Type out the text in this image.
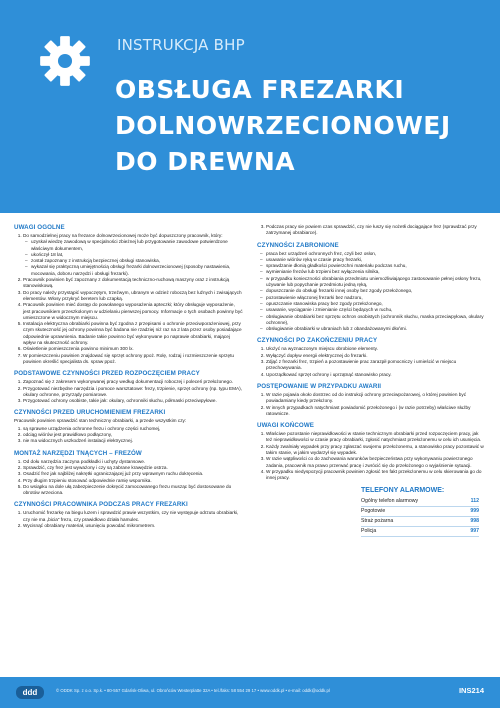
INSTRUKCJA BHP
OBSŁUGA FREZARKI
DOLNOWRZECIONOWEJ
DO DREWNA
UWAGI OGÓLNE
1. Do samodzielnej pracy na frezarce dolnowrzecionowej może być dopuszczony pracownik, który:
– uzyskał wiedzę zawodową w specjalności zbieżnej lub przygotowanie zawodowe potwierdzone właściwym dokumentem,
– ukończył 18 lat,
– został zapoznany z instrukcją bezpiecznej obsługi stanowiska,
– wykazał się praktyczną umiejętnością obsługi frezarki dolnowrzecionowej (sposoby nastawienia, mocowania, doboru narzędzi i obsługi frezarki).
2. Pracownik powinien być zapoznany z dokumentacją techniczno-ruchową maszyny oraz z instrukcją stanowiskową.
3. Do pracy należy przystąpić wypoczętym, trzeźwym, ubranym w odzież roboczą bez luźnych i zwisających elementów. Włosy przykryć beretem lub czapką.
4. Pracownik powinien mieć dostęp do powołanego wyposażenia apteczki; który obsługuje wyposażenie, jest pracownikiem przeszkolonym w udzielaniu pierwszej pomocy. Informacje o tych osobach powinny być umieszczone w widocznym miejscu.
5. Instalacja elektryczna obrabiarki powinna być zgodna z przepisami o ochronie przeciwporażeniowej, przy czym skuteczność jej ochrony powinna być badana nie rzadziej niż raz na 2 lata przez osoby posiadające odpowiednie uprawnienia. Badanie takie powinno być wykonywane po naprawie obrabiarki, mającej wpływ na skuteczność ochrony.
6. Oświetlenie pomieszczenia powinno minimum 300 lx.
7. W pomieszczeniu powinien znajdować się sprzęt ochrony ppoż. Rolę, rodzaj i rozmieszczenie sprzętu powinien określić specjalista ds. spraw ppoż.
PODSTAWOWE CZYNNOŚCI PRZED ROZPOCZĘCIEM PRACY
1. Zapoznać się z zakresem wykonywanej pracy według dokumentacji roboczej i poleceń przełożonego.
2. Przygotować niezbędne narzędzia i pomoce warsztatowe: frezy, trzpienie, sprzęt ochrony (np. typu EMA), okulary ochronne, przyrządy pomiarowe.
3. Przygotować ochrony osobiste, takie jak: okulary, ochronniki słuchu, półmaski przeciwpyłowe.
CZYNNOŚCI PRZED URUCHOMIENIEM FREZARKI
Pracownik powinien sprawdzić stan techniczny obrabiarki, a przede wszystkim czy:
1. są sprawne urządzenia ochronne frezu i ochrony części ruchomej,
2. odciąg wiórów jest prawidłowo podłączony,
3. nie ma widocznych uszkodzeń instalacji elektrycznej.
MONTAŻ NARZĘDZI TNĄCYCH – FREZÓW
1. Od dołu narzędzia zaczyna podkładki i uchyty dystansowe.
2. Sprawdzić, czy frez jest wyważony i czy są zabrane krawędzie ostrza.
3. Osadzić frez jak najbliżej nakrętki ograniczającej już przy wprawnym ruchu dokręcenia.
4. Przy długim trzpieniu stosować odpowiednie ramię wspornika.
5. Do wsiąpku na dole ułą zabezpieczenie dokręcić zamocowanego frezu musząc być dostosowane do obrotów wrzeciona.
CZYNNOŚCI PRACOWNIKA PODCZAS PRACY FREZARKI
1. Uruchomić frezarkę na biegu luzem i sprawdzić prawie wszystkim, czy nie występuje odrzutu obrabiarki, czy nie ma „bicia” frezu, czy prawidłowo działa hamulec.
2. Wycisnąć obrabiany materiał, usunięciu powodać mikrometrem.
3. Podczas pracy sie powiem czas sprawdzić, czy nie łuszy się nożetłi dociągające frez (sprawdzać przy zatrzymanej obrabiarce).
CZYNNOŚCI ZABRONIONE
– praca bez urządzeń ochronnych frez, czyli bez osłon,
– usuwanie wiórów ręką w czasie pracy frezarki,
– sprawdzanie dłonią gładkości powierzchni materiału podczas ruchu,
– wymienianie frezów lub trzpieni bez wyłączenia silnika,
– w przypadku konieczności obrabiania przedmiotu uniemożliwiającego zastosowanie pełnej osłony frezu, używanie lub popychanie przedmiotu jedną ręką,
– dopuszczanie do obsługi frezarki innej osoby bez zgody przełożonego,
– pozostawienie włączonej frezarki bez nadzoru,
– opuszczanie stanowiska pracy bez zgody przełożonego,
– usuwanie, wyciąganie i zmienianie części będących w ruchu,
– obsługiwanie obrabiarki bez sprzętu ochron osobistych (ochronnik słuchu, maska przeciwpyłowa, okulary ochronne),
– obsługiwanie obrabiarki w ubraniach lub z obandażowanymi dłońmi.
CZYNNOŚCI PO ZAKOŃCZENIU PRACY
1. Ułożyć na wyznaczonym miejscu obrobione elementy.
2. Wyłączyć dopływ energii elektrycznej do frezarki.
3. Zdjąć z frezarki frez, trzpień a pozostawienie prac zarazpił pomocniczy i umieścić w miejscu przechowywania.
4. Uporządkować sprzęt ochrony i uprzątnąć stanowisko pracy.
POSTĘPOWANIE W PRZYPADKU AWARII
1. W razie pojawia około dostrzec od do instrukcji ochrony przeciwpożarowej, o której powinien być powiadamiany kiedy przełożony.
2. W innych przypadkach natychmiast powiadomić przełożonego i (w razie potrzeby) właściwe służby ratownicze.
UWAGI KOŃCOWE
1. Właściwe pozostanie nieprawidłowości w stanie technicznym obrabiarki przed rozpoczęciem pracy, jak też nieprawidłowości w czasie pracy obrabiarki, zgłosić natychmiast przełożonemu w celu ich usunięcia.
2. Każdy zwalniały wypadek przy pracy zgłaszać swojemu przełożonemu, a stanowisko pracy pozostawić w takim stanie, w jakim wydarzył się wypadek.
3. W razie wątpliwości co do zachowania warunków bezpieczeństwa przy wykonywaniu powierzonego zadania, pracownik ma prawo przerwać pracę i zwrócić się do przełożonego o wyjaśnienie sytuacji.
4. W przypadku niedyspozycji pracownik powinien zgłosić ten fakt przełożonemu w celu skierowania go do innej pracy.
TELEFONY ALARMOWE:
Ogólny telefon alarmowy	112
Pogotowie	999
Straż pożarna	998
Policja	997
ddd	© ODDK Sp. z o.o. Sp.k. • 80-557 Gdańsk-Oliwa, ul. Obrońców Westerplatte 32A • tel./faks: 58 554 29 17 • www.oddk.pl • e-mail: oddk@oddk.pl	INS214
